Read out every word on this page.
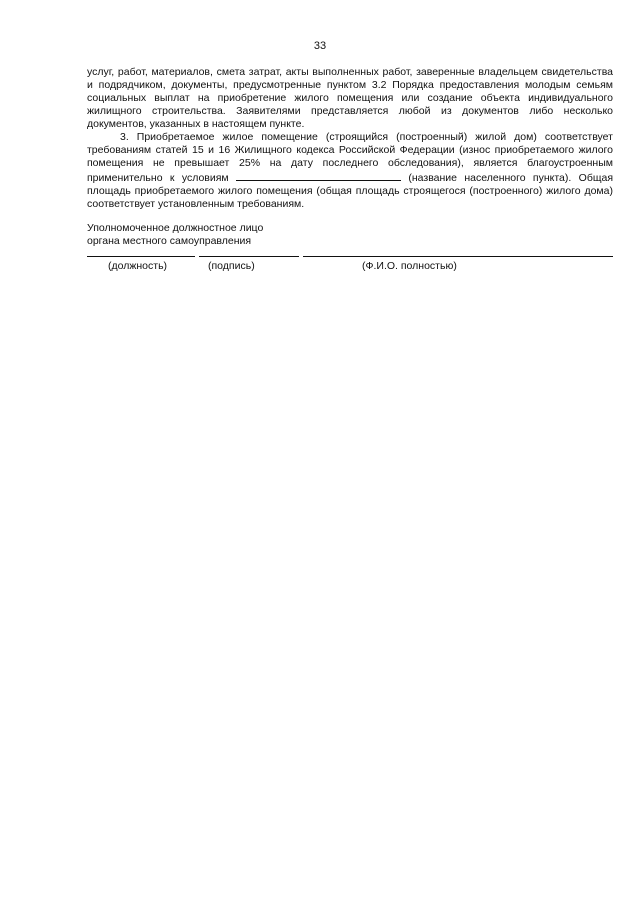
33
услуг, работ, материалов, смета затрат, акты выполненных работ, заверенные владельцем свидетельства и подрядчиком, документы, предусмотренные пунктом 3.2 Порядка предоставления молодым семьям социальных выплат на приобретение жилого помещения или создание объекта индивидуального жилищного строительства. Заявителями представляется любой из документов либо несколько документов, указанных в настоящем пункте.
3. Приобретаемое жилое помещение (строящийся (построенный) жилой дом) соответствует требованиям статей 15 и 16 Жилищного кодекса Российской Федерации (износ приобретаемого жилого помещения не превышает 25% на дату последнего обследования), является благоустроенным применительно к условиям	(название населенного пункта). Общая площадь приобретаемого жилого помещения (общая площадь строящегося (построенного) жилого дома) соответствует установленным требованиям.
Уполномоченное должностное лицо
органа местного самоуправления
(должность)	(подпись)	(Ф.И.О. полностью)
